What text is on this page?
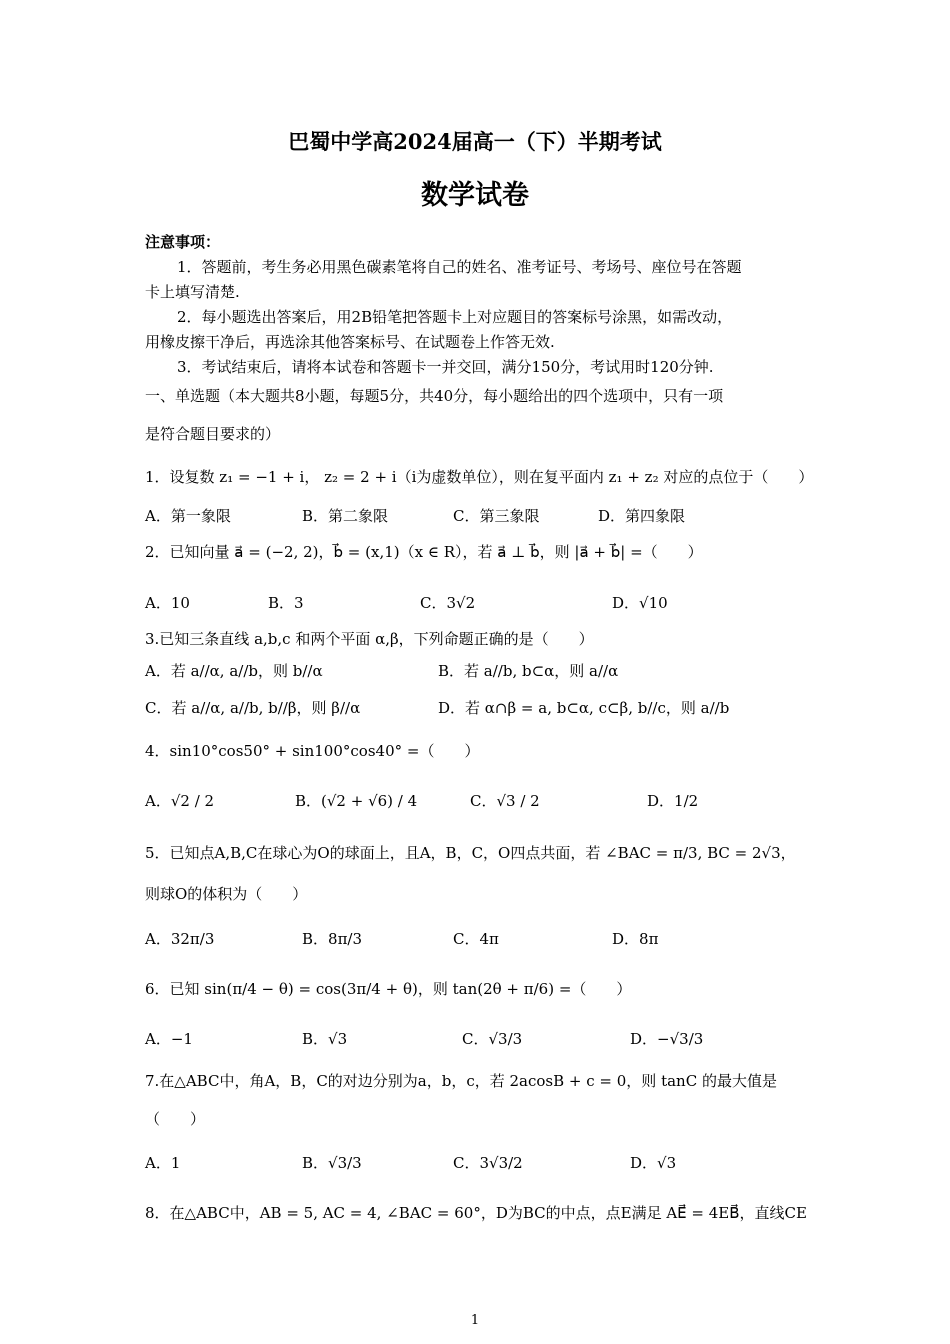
巴蜀中学高2024届高一（下）半期考试
数学试卷
注意事项：
1．答题前，考生务必用黑色碳素笔将自己的姓名、准考证号、考场号、座位号在答题
卡上填写清楚.
2．每小题选出答案后，用2B铅笔把答题卡上对应题目的答案标号涂黑，如需改动，
用橡皮擦干净后，再选涂其他答案标号、在试题卷上作答无效.
3．考试结束后，请将本试卷和答题卡一并交回，满分150分，考试用时120分钟.
一、单选题（本大题共8小题，每题5分，共40分，每小题给出的四个选项中，只有一项
是符合题目要求的）
1．设复数 z₁ = −1 + i， z₂ = 2 + i（i为虚数单位），则在复平面内 z₁ + z₂ 对应的点位于（　　）
A．第一象限	B．第二象限	C．第三象限	D．第四象限
2．已知向量 a⃗ = (−2, 2)，b⃗ = (x,1)（x ∈ R），若 a⃗ ⊥ b⃗，则 |a⃗ + b⃗| =（　　）
A．10	B．3	C．3√2	D．√10
3.已知三条直线 a,b,c 和两个平面 α,β，下列命题正确的是（　　）
A．若 a//α, a//b，则 b//α	B．若 a//b, b⊂α，则 a//α
C．若 a//α, a//b, b//β，则 β//α	D．若 α∩β = a, b⊂α, c⊂β, b//c，则 a//b
4．sin10°cos50° + sin100°cos40° =（　　）
A．√2 / 2	B．(√2 + √6) / 4	C．√3 / 2	D．1/2
5．已知点A,B,C在球心为O的球面上，且A，B，C，O四点共面，若 ∠BAC = π/3, BC = 2√3，
则球O的体积为（　　）
A．32π/3	B．8π/3	C．4π	D．8π
6．已知 sin(π/4 − θ) = cos(3π/4 + θ)，则 tan(2θ + π/6) =（　　）
A．−1	B．√3	C．√3/3	D．−√3/3
7.在△ABC中，角A，B，C的对边分别为a，b，c，若 2acosB + c = 0，则 tanC 的最大值是
（　　）
A．1	B．√3/3	C．3√3/2	D．√3
8．在△ABC中，AB = 5, AC = 4, ∠BAC = 60°，D为BC的中点，点E满足 AE⃗ = 4EB⃗，直线CE
1
